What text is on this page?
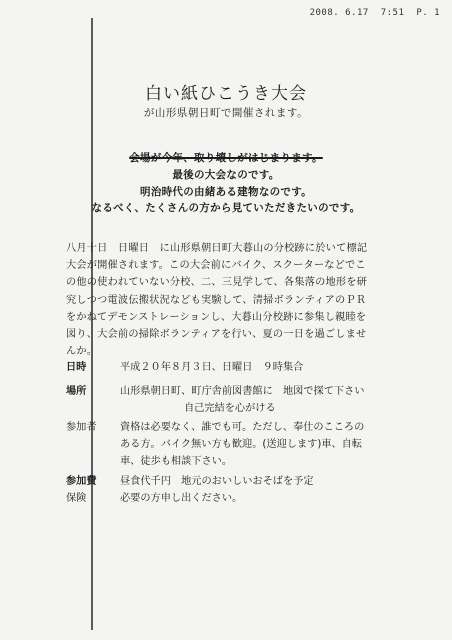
2008. 6.17 7:51 P. 1
白い紙ひこうき大会
が山形県朝日町で開催されます。
会場が今年、取り壊しがはじまります。
最後の大会なのです。
明治時代の由緒ある建物なのです。
なるべく、たくさんの方から見ていただきたいのです。

八月十日　日曜日　に山形県朝日町大暮山の分校跡に於いて標記

大会が開催されます。この大会前にバイク、スクーターなどでこ

の他の使われていない分校、二、三見学して、各集落の地形を研

究しつつ電波伝搬状況なども実験して、清掃ボランティアのＰＲ

をかねてデモンストレーションし、大暮山分校跡に参集し親睦を

図り、大会前の掃除ボランティアを行い、夏の一日を過ごしませ

んか。

日時	平成２０年８月３日、日曜日　９時集合
場所	山形県朝日町、町庁舎前図書館に　地図で探て下さい
自己完結を心がける
参加者 資格は必要なく、誰でも可。ただし、奉仕のこころの
ある方。バイク無い方も歓迎。(送迎します)車、自転
車、徒歩も相談下さい。
参加費 昼食代千円　地元のおいしいおそばを予定
保険	必要の方申し出ください。
